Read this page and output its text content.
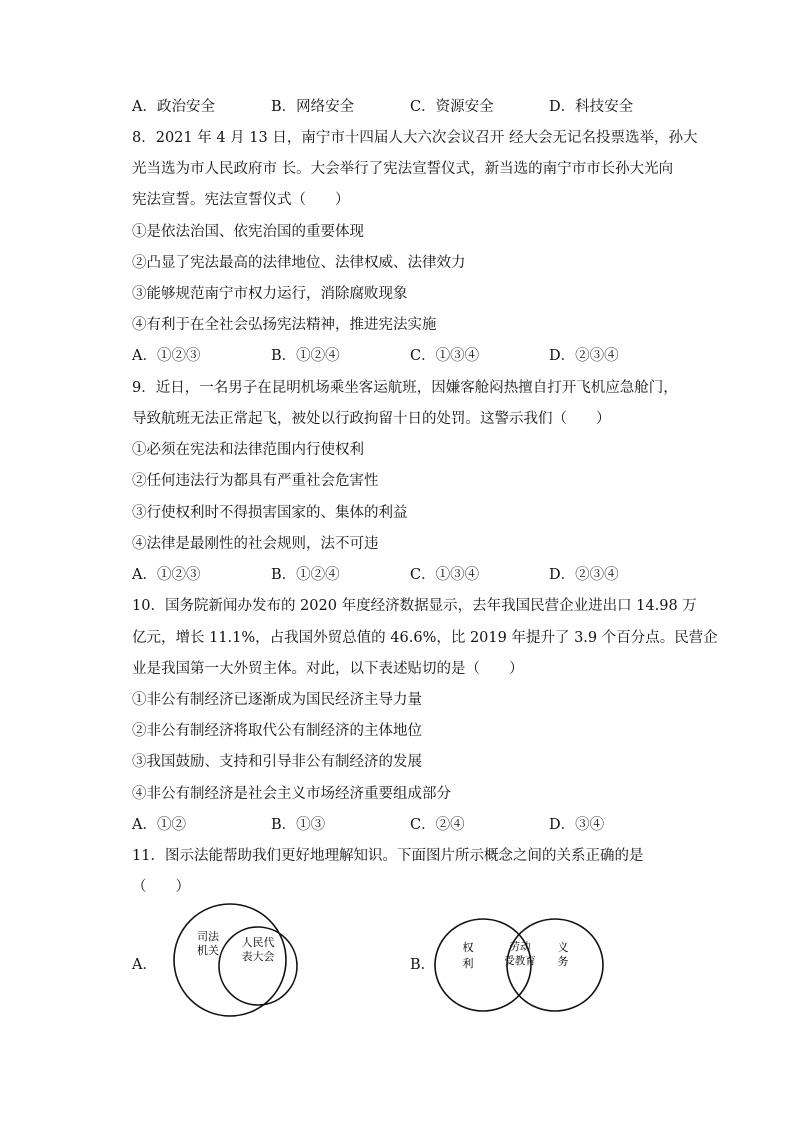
A．政治安全	B．网络安全	C．资源安全	D．科技安全
8．2021 年 4 月 13 日，南宁市十四届人大六次会议召开 经大会无记名投票选举，孙大
光当选为市人民政府市 长。大会举行了宪法宣誓仪式，新当选的南宁市市长孙大光向
宪法宣誓。宪法宣誓仪式（　　）
①是依法治国、依宪治国的重要体现
②凸显了宪法最高的法律地位、法律权威、法律效力
③能够规范南宁市权力运行，消除腐败现象
④有利于在全社会弘扬宪法精神，推进宪法实施
A．①②③	B．①②④	C．①③④	D．②③④
9．近日，一名男子在昆明机场乘坐客运航班，因嫌客舱闷热擅自打开飞机应急舱门，
导致航班无法正常起飞，被处以行政拘留十日的处罚。这警示我们（　　）
①必须在宪法和法律范围内行使权利
②任何违法行为都具有严重社会危害性
③行使权利时不得损害国家的、集体的利益
④法律是最刚性的社会规则，法不可违
A．①②③	B．①②④	C．①③④	D．②③④
10．国务院新闻办发布的 2020 年度经济数据显示，去年我国民营企业进出口 14.98 万
亿元，增长 11.1%，占我国外贸总值的 46.6%，比 2019 年提升了 3.9 个百分点。民营企
业是我国第一大外贸主体。对此，以下表述贴切的是（　　）
①非公有制经济已逐渐成为国民经济主导力量
②非公有制经济将取代公有制经济的主体地位
③我国鼓励、支持和引导非公有制经济的发展
④非公有制经济是社会主义市场经济重要组成部分
A．①②	B．①③	C．②④	D．③④
11．图示法能帮助我们更好地理解知识。下面图片所示概念之间的关系正确的是
（　　）
A．
司法
机关
人民代
表大会
B．
权
利
劳动
受教育
义
务
